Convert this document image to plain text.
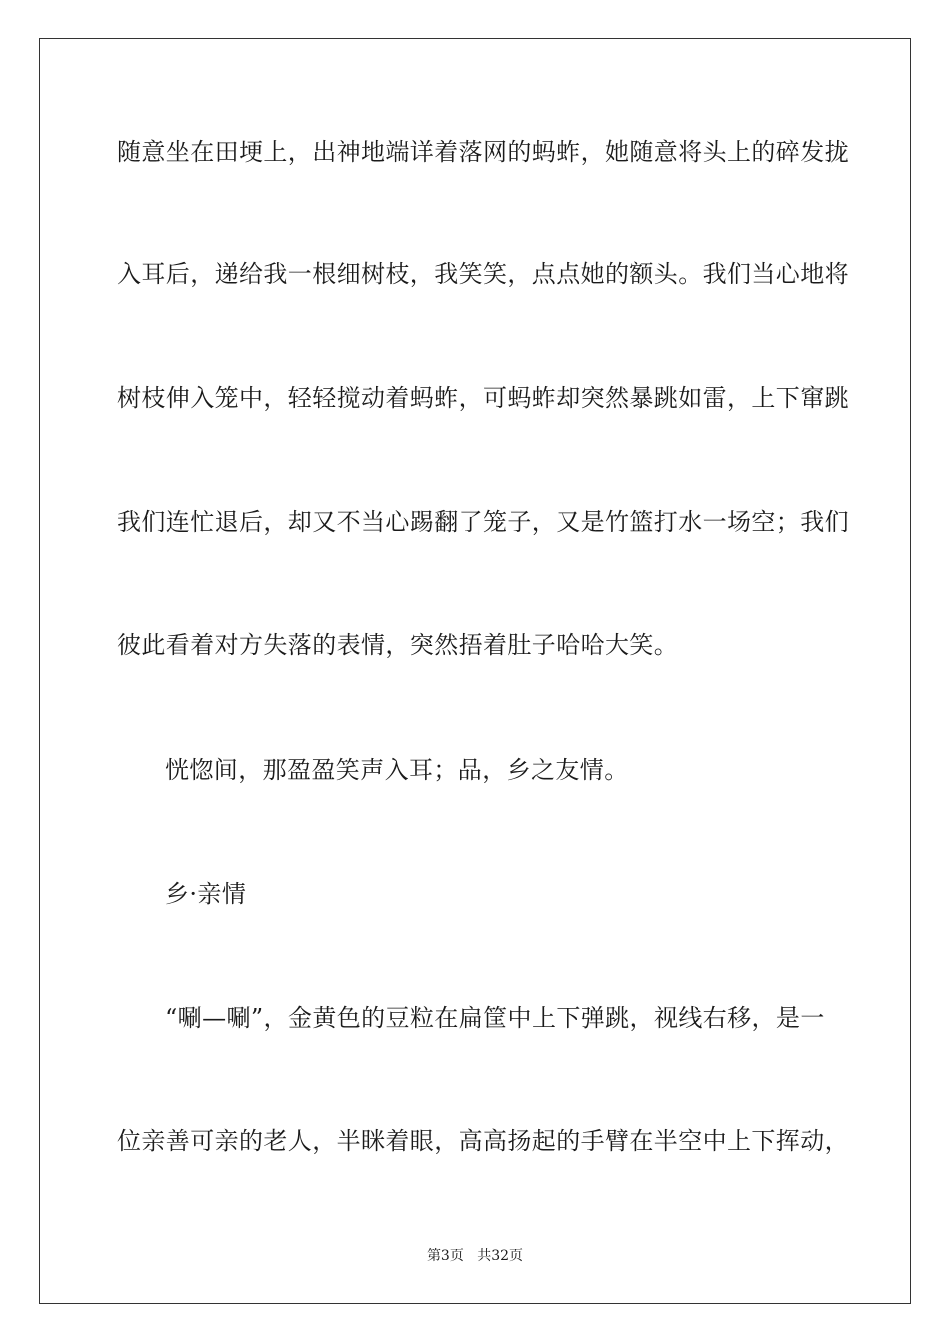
随意坐在田埂上，出神地端详着落网的蚂蚱，她随意将头上的碎发拢
入耳后，递给我一根细树枝，我笑笑，点点她的额头。我们当心地将
树枝伸入笼中，轻轻搅动着蚂蚱，可蚂蚱却突然暴跳如雷，上下窜跳
我们连忙退后，却又不当心踢翻了笼子，又是竹篮打水一场空；我们
彼此看着对方失落的表情，突然捂着肚子哈哈大笑。
恍惚间，那盈盈笑声入耳；品，乡之友情。
乡·亲情
“唰—唰”，金黄色的豆粒在扁筐中上下弹跳，视线右移，是一
位亲善可亲的老人，半眯着眼，高高扬起的手臂在半空中上下挥动，
第3页 共32页
